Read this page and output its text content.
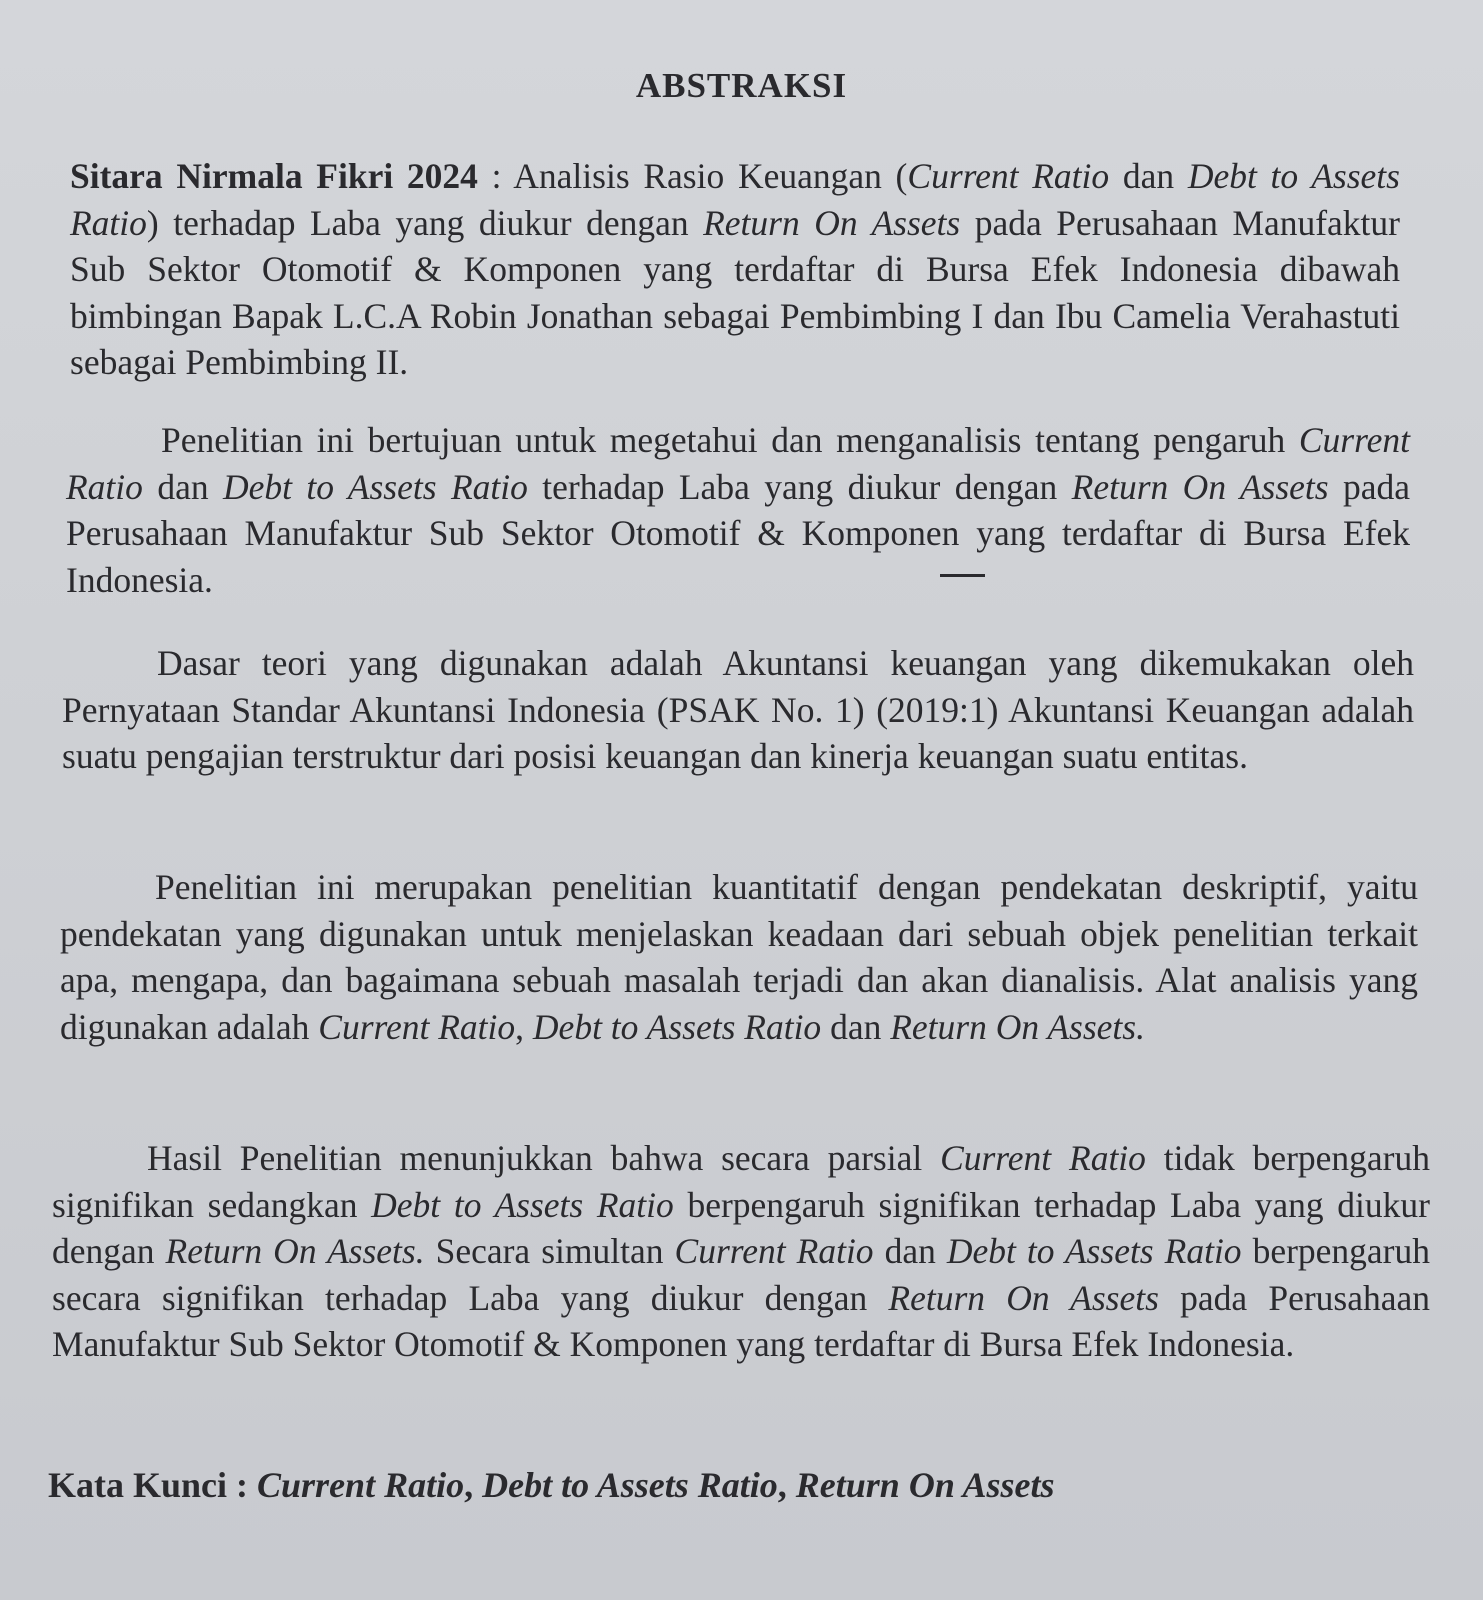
ABSTRAKSI
Sitara Nirmala Fikri 2024 : Analisis Rasio Keuangan (Current Ratio dan Debt to Assets Ratio) terhadap Laba yang diukur dengan Return On Assets pada Perusahaan Manufaktur Sub Sektor Otomotif & Komponen yang terdaftar di Bursa Efek Indonesia dibawah bimbingan Bapak L.C.A Robin Jonathan sebagai Pembimbing I dan Ibu Camelia Verahastuti sebagai Pembimbing II.
Penelitian ini bertujuan untuk megetahui dan menganalisis tentang pengaruh Current Ratio dan Debt to Assets Ratio terhadap Laba yang diukur dengan Return On Assets pada Perusahaan Manufaktur Sub Sektor Otomotif & Komponen yang terdaftar di Bursa Efek Indonesia.
Dasar teori yang digunakan adalah Akuntansi keuangan yang dikemukakan oleh Pernyataan Standar Akuntansi Indonesia (PSAK No. 1) (2019:1) Akuntansi Keuangan adalah suatu pengajian terstruktur dari posisi keuangan dan kinerja keuangan suatu entitas.
Penelitian ini merupakan penelitian kuantitatif dengan pendekatan deskriptif, yaitu pendekatan yang digunakan untuk menjelaskan keadaan dari sebuah objek penelitian terkait apa, mengapa, dan bagaimana sebuah masalah terjadi dan akan dianalisis. Alat analisis yang digunakan adalah Current Ratio, Debt to Assets Ratio dan Return On Assets.
Hasil Penelitian menunjukkan bahwa secara parsial Current Ratio tidak berpengaruh signifikan sedangkan Debt to Assets Ratio berpengaruh signifikan terhadap Laba yang diukur dengan Return On Assets. Secara simultan Current Ratio dan Debt to Assets Ratio berpengaruh secara signifikan terhadap Laba yang diukur dengan Return On Assets pada Perusahaan Manufaktur Sub Sektor Otomotif & Komponen yang terdaftar di Bursa Efek Indonesia.
Kata Kunci : Current Ratio, Debt to Assets Ratio, Return On Assets
